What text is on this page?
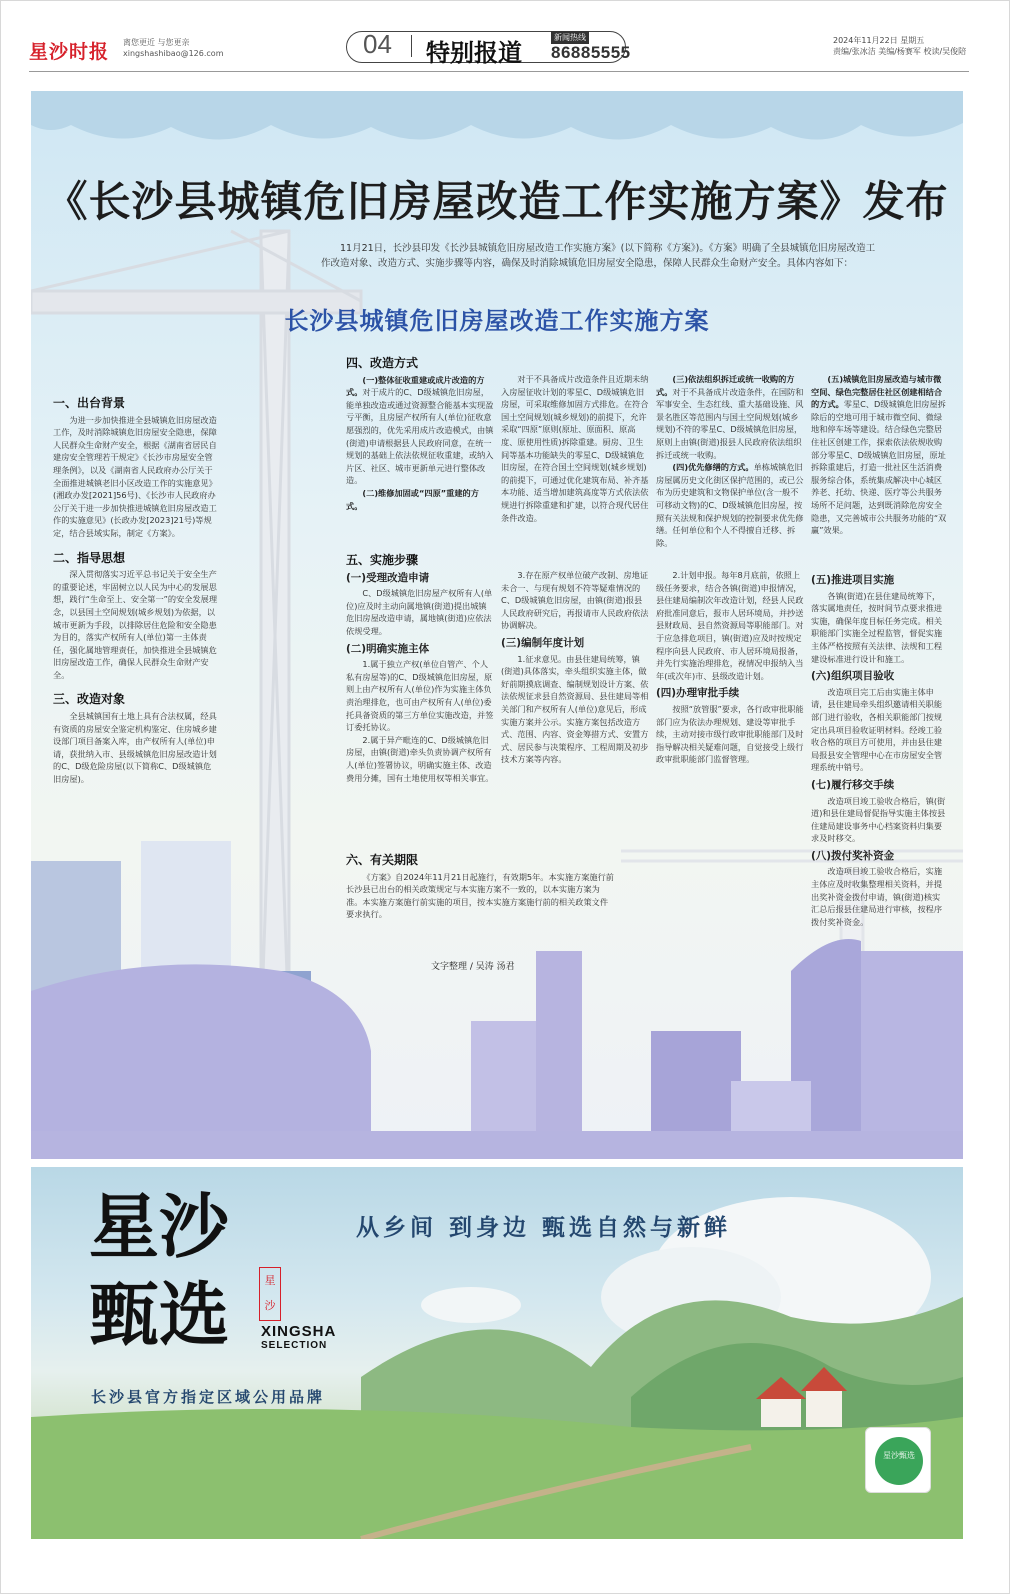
星沙时报 离您更近 与您更亲
xingshashibao@126.com	04 特别报道
新闻热线
86885555
2024年11月22日 星期五
责编/张冰洁 美编/杨赛军 校读/吴俊陪
《长沙县城镇危旧房屋改造工作实施方案》发布
11月21日，长沙县印发《长沙县城镇危旧房屋改造工作实施方案》(以下简称《方案》)。《方案》明确了全县城镇危旧房屋改造工作改造对象、改造方式、实施步骤等内容，确保及时消除城镇危旧房屋安全隐患，保障人民群众生命财产安全。具体内容如下：
长沙县城镇危旧房屋改造工作实施方案
一、出台背景

为进一步加快推进全县城镇危旧房屋改造工作，及时消除城镇危旧房屋安全隐患，保障人民群众生命财产安全，根据《湖南省居民自建房安全管理若干规定》《长沙市房屋安全管理条例》，以及《湖南省人民政府办公厅关于全面推进城镇老旧小区改造工作的实施意见》(湘政办发[2021]56号)、《长沙市人民政府办公厅关于进一步加快推进城镇危旧房屋改造工作的实施意见》(长政办发[2023]21号)等规定，结合县域实际，制定《方案》。

二、指导思想

深入贯彻落实习近平总书记关于安全生产的重要论述，牢固树立以人民为中心的发展思想，践行“生命至上、安全第一”的安全发展理念，以县国土空间规划(城乡规划)为依据，以城市更新为手段，以排除居住危险和安全隐患为目的，落实产权所有人(单位)第一主体责任，强化属地管理责任，加快推进全县城镇危旧房屋改造工作，确保人民群众生命财产安全。

三、改造对象

全县城镇国有土地上具有合法权属，经具有资质的房屋安全鉴定机构鉴定、住房城乡建设部门项目备案入库，由产权所有人(单位)申请，获批纳入市、县级城镇危旧房屋改造计划的C、D级危险房屋(以下简称C、D级城镇危旧房屋)。

四、改造方式

(一)整体征收重建或成片改造的方式。对于成片的C、D级城镇危旧房屋，能单独改造或通过资源整合能基本实现盈亏平衡，且房屋产权所有人(单位)征收意愿强烈的，优先采用成片改造模式，由镇(街道)申请根据县人民政府同意，在统一规划的基础上依法依规征收重建，或纳入片区、社区、城市更新单元进行整体改造。

(二)维修加固或“四原”重建的方式。

对于不具备成片改造条件且近期未纳入房屋征收计划的零星C、D级城镇危旧房屋，可采取维修加固方式排危。在符合国土空间规划(城乡规划)的前提下，允许采取“四原”原则(原址、原面积、原高度、原使用性质)拆除重建。厨房、卫生间等基本功能缺失的零星C、D级城镇危旧房屋，在符合国土空间规划(城乡规划)的前提下，可通过优化建筑布局、补齐基本功能、适当增加建筑高度等方式依法依规进行拆除重建和扩建，以符合现代居住条件改造。

(三)依法组织拆迁或统一收购的方式。对于不具备成片改造条件，在国防和军事安全、生态红线、重大基础设施、风景名胜区等范围内与国土空间规划(城乡规划)不符的零星C、D级城镇危旧房屋，原则上由镇(街道)报县人民政府依法组织拆迁或统一收购。

(四)优先修缮的方式。单栋城镇危旧房屋属历史文化街区保护范围的，或已公布为历史建筑和文物保护单位(含一般不可移动文物)的C、D级城镇危旧房屋，按照有关法规和保护规划的控制要求优先修缮。任何单位和个人不得擅自迁移、拆除。

(五)城镇危旧房屋改造与城市微空间、绿色完整居住社区创建相结合的方式。零星C、D级城镇危旧房屋拆除后的空地可用于城市微空间、微绿地和停车场等建设。结合绿色完整居住社区创建工作，探索依法依规收购部分零星C、D级城镇危旧房屋，原址拆除重建后，打造一批社区生活消费服务综合体，系统集成解决中心城区养老、托幼、快递、医疗等公共服务场所不足问题，达到既消除危房安全隐患，又完善城市公共服务功能的“双赢”效果。

五、实施步骤
(一)受理改造申请

C、D级城镇危旧房屋产权所有人(单位)应及时主动向属地镇(街道)提出城镇危旧房屋改造申请，属地镇(街道)应依法依规受理。

(二)明确实施主体

1.属于独立产权(单位自管产、个人私有房屋等)的C、D级城镇危旧房屋，原则上由产权所有人(单位)作为实施主体负责治理排危，也可由产权所有人(单位)委托具备资质的第三方单位实施改造，并签订委托协议。

2.属于异产毗连的C、D级城镇危旧房屋，由镇(街道)牵头负责协调产权所有人(单位)签署协议，明确实施主体、改造费用分摊，国有土地使用权等相关事宜。

3.存在原产权单位破产改制、房地证未合一、与现有规划不符等疑难情况的C、D级城镇危旧房屋，由镇(街道)报县人民政府研究后，再报请市人民政府依法协调解决。

(三)编制年度计划

1.征求意见。由县住建局统筹，镇(街道)具体落实，牵头组织实施主体，做好前期摸底调查、编制规划设计方案、依法依规征求县自然资源局、县住建局等相关部门和产权所有人(单位)意见后，形成实施方案并公示。实施方案包括改造方式、范围、内容、资金筹措方式、安置方式、居民参与决策程序、工程周期及初步技术方案等内容。

2.计划申报。每年8月底前，依照上级任务要求，结合各镇(街道)申报情况，县住建局编制次年改造计划，经县人民政府批准同意后，报市人居环境局，并抄送县财政局、县自然资源局等职能部门。对于应急排危项目，镇(街道)应及时按规定程序向县人民政府、市人居环境局报备，并先行实施治理排危，视情况申报纳入当年(或次年)市、县级改造计划。

(四)办理审批手续

按照“放管服”要求，各行政审批职能部门应为依法办理规划、建设等审批手续，主动对接市级行政审批职能部门及时指导解决相关疑难问题，自觉接受上级行政审批职能部门监督管理。

(五)推进项目实施

各镇(街道)在县住建局统筹下，落实属地责任，按时间节点要求推进实施，确保年度目标任务完成。相关职能部门实施全过程监管，督促实施主体严格按照有关法律、法规和工程建设标准进行设计和施工。

(六)组织项目验收

改造项目完工后由实施主体申请，县住建局牵头组织邀请相关职能部门进行验收，各相关职能部门按规定出具项目验收证明材料。经竣工验收合格的项目方可使用，并由县住建局报县安全管理中心在市房屋安全管理系统中销号。

(七)履行移交手续

改造项目竣工验收合格后，镇(街道)和县住建局督促指导实施主体按县住建局建设事务中心档案资料归集要求及时移交。

(八)拨付奖补资金

改造项目竣工验收合格后，实施主体应及时收集整理相关资料，并提出奖补资金拨付申请，镇(街道)核实汇总后报县住建局进行审核，按程序拨付奖补资金。

六、有关期限

《方案》自2024年11月21日起施行，有效期5年。本实施方案施行前长沙县已出台的相关政策规定与本实施方案不一致的，以本实施方案为准。本实施方案施行前实施的项目，按本实施方案施行前的相关政策文件要求执行。

文字整理 / 吴涛 汤君
星沙
甄选	星沙
XINGSHA
SELECTION
从乡间 到身边 甄选自然与新鲜
长沙县官方指定区域公用品牌
星沙甄选
